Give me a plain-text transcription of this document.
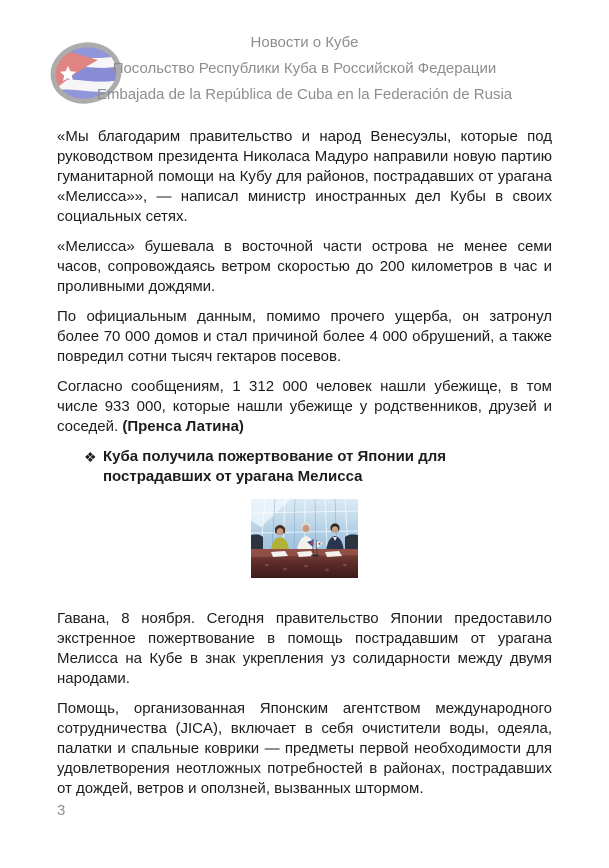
Новости о Кубе
Посольство Республики Куба в Российской Федерации
Embajada de la República de Cuba en la Federación de Rusia

«Мы благодарим правительство и народ Венесуэлы, которые под руководством президента Николаса Мадуро направили новую партию гуманитарной помощи на Кубу для районов, пострадавших от урагана «Мелисса»», — написал министр иностранных дел Кубы в своих социальных сетях.

«Мелисса» бушевала в восточной части острова не менее семи часов, сопровождаясь ветром скоростью до 200 километров в час и проливными дождями.

По официальным данным, помимо прочего ущерба, он затронул более 70 000 домов и стал причиной более 4 000 обрушений, а также повредил сотни тысяч гектаров посевов.

Согласно сообщениям, 1 312 000 человек нашли убежище, в том числе 933 000, которые нашли убежище у родственников, друзей и соседей. (Пренса Латина)

❖ Куба получила пожертвование от Японии для пострадавших от урагана Мелисса

Гавана, 8 ноября. Сегодня правительство Японии предоставило экстренное пожертвование в помощь пострадавшим от урагана Мелисса на Кубе в знак укрепления уз солидарности между двумя народами.

Помощь, организованная Японским агентством международного сотрудничества (JICA), включает в себя очистители воды, одеяла, палатки и спальные коврики — предметы первой необходимости для удовлетворения неотложных потребностей в районах, пострадавших от дождей, ветров и оползней, вызванных штормом.

3
